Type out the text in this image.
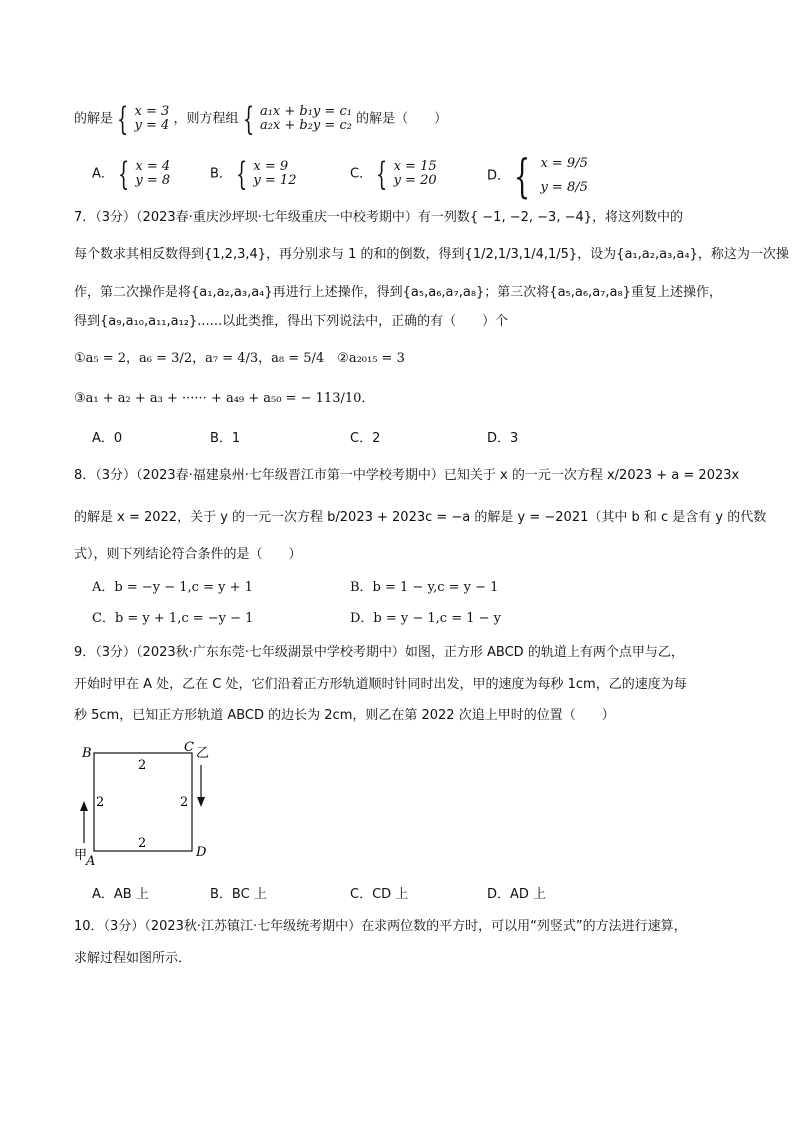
的解是 { x = 3
y = 4 ，则方程组 { a₁x + b₁y = c₁
a₂x + b₂y = c₂ 的解是（　　）
A． { x = 4
y = 8	B． { x = 9
y = 12	C． { x = 15
y = 20	D． { x = 9/5
y = 8/5
7．（3分）（2023春·重庆沙坪坝·七年级重庆一中校考期中）有一列数{ −1, −2, −3, −4}，将这列数中的
每个数求其相反数得到{1,2,3,4}，再分别求与 1 的和的倒数，得到{1/2,1/3,1/4,1/5}，设为{a₁,a₂,a₃,a₄}，称这为一次操
作，第二次操作是将{a₁,a₂,a₃,a₄}再进行上述操作，得到{a₅,a₆,a₇,a₈}；第三次将{a₅,a₆,a₇,a₈}重复上述操作，
得到{a₉,a₁₀,a₁₁,a₁₂}......以此类推，得出下列说法中，正确的有（　　）个
①a₅ = 2，a₆ = 3/2，a₇ = 4/3，a₈ = 5/4　②a₂₀₁₅ = 3
③a₁ + a₂ + a₃ + ······ + a₄₉ + a₅₀ = − 113/10．
A．0	B．1	C．2	D．3
8．（3分）（2023春·福建泉州·七年级晋江市第一中学校考期中）已知关于 x 的一元一次方程 x/2023 + a = 2023x
的解是 x = 2022，关于 y 的一元一次方程 b/2023 + 2023c = −a 的解是 y = −2021（其中 b 和 c 是含有 y 的代数
式），则下列结论符合条件的是（　　）
A．b = −y − 1,c = y + 1	B．b = 1 − y,c = y − 1
C．b = y + 1,c = −y − 1	D．b = y − 1,c = 1 − y
9．（3分）（2023秋·广东东莞·七年级湖景中学校考期中）如图，正方形 ABCD 的轨道上有两个点甲与乙，
开始时甲在 A 处，乙在 C 处，它们沿着正方形轨道顺时针同时出发，甲的速度为每秒 1cm，乙的速度为每
秒 5cm，已知正方形轨道 ABCD 的边长为 2cm，则乙在第 2022 次追上甲时的位置（　　）
B	C
D
A
2
2	2
2
乙
甲
A．AB 上	B．BC 上	C．CD 上	D．AD 上
10．（3分）（2023秋·江苏镇江·七年级统考期中）在求两位数的平方时，可以用“列竖式”的方法进行速算，
求解过程如图所示．
